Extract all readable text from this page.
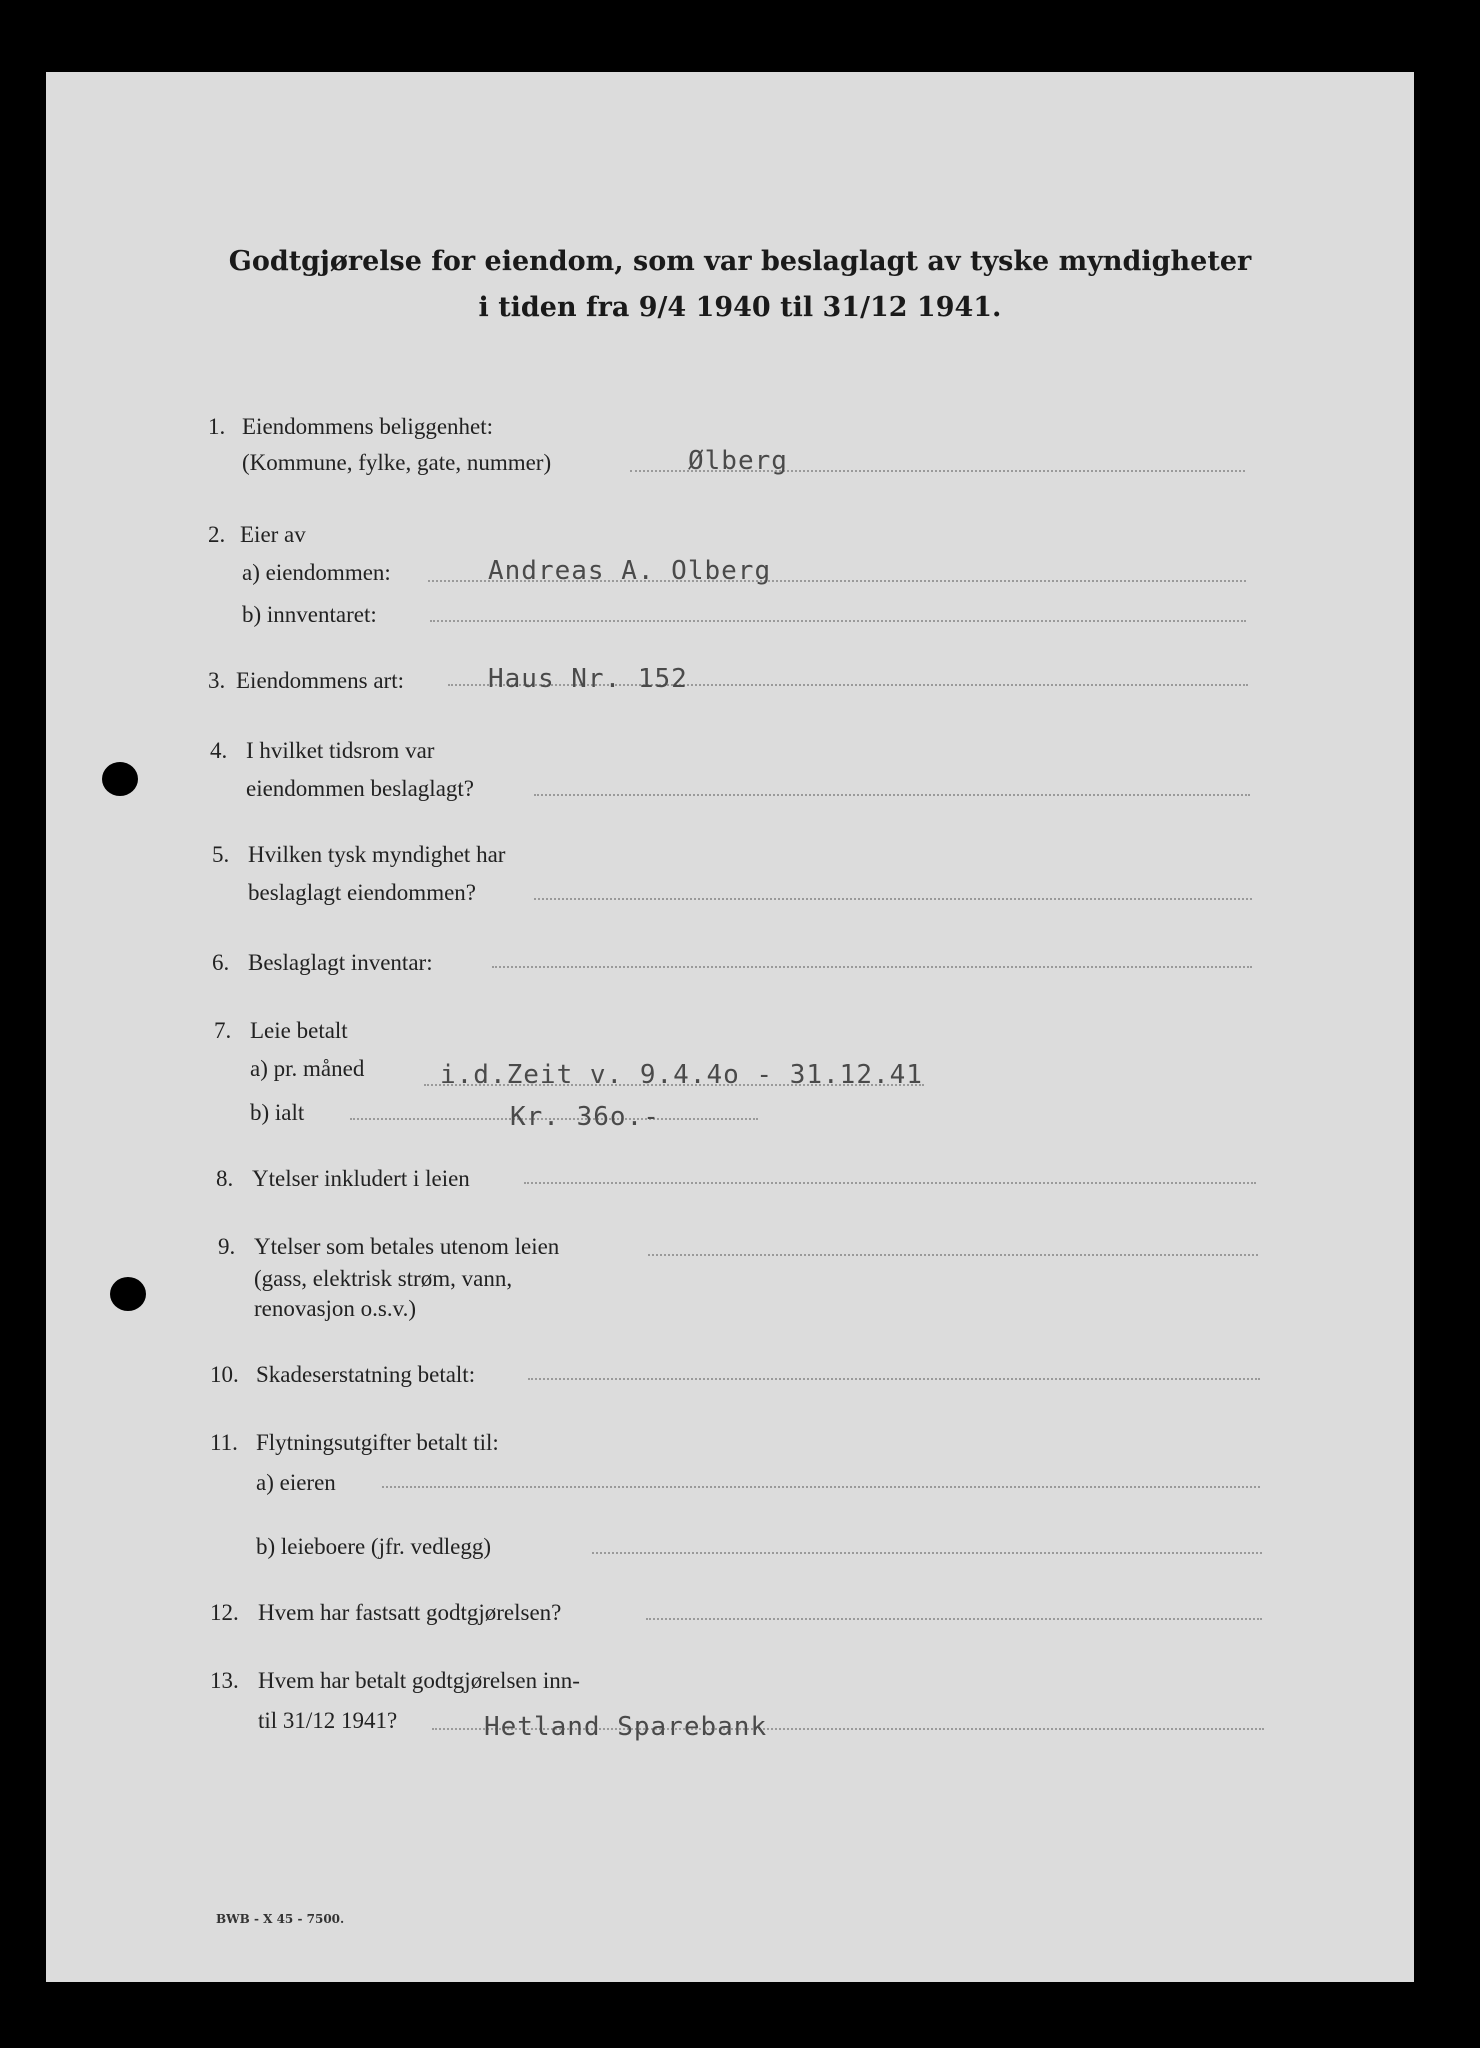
Godtgjørelse for eiendom, som var beslaglagt av tyske myndigheter
i tiden fra 9/4 1940 til 31/12 1941.
1. Eiendommens beliggenhet:
(Kommune, fylke, gate, nummer)	Ølberg
2. Eier av
a) eiendommen:	Andreas A. Olberg
b) innventaret:
3. Eiendommens art:	Haus Nr. 152
4. I hvilket tidsrom var
eiendommen beslaglagt?
5. Hvilken tysk myndighet har
beslaglagt eiendommen?
6. Beslaglagt inventar:
7. Leie betalt
a) pr. måned	i.d.Zeit v. 9.4.4o - 31.12.41
b) ialt	Kr. 36o.-
8. Ytelser inkludert i leien
9. Ytelser som betales utenom leien
(gass, elektrisk strøm, vann,
renovasjon o.s.v.)
10. Skadeserstatning betalt:
11. Flytningsutgifter betalt til:
a) eieren
b) leieboere (jfr. vedlegg)
12. Hvem har fastsatt godtgjørelsen?
13. Hvem har betalt godtgjørelsen inn-
til 31/12 1941?	Hetland Sparebank
BWB - X 45 - 7500.
